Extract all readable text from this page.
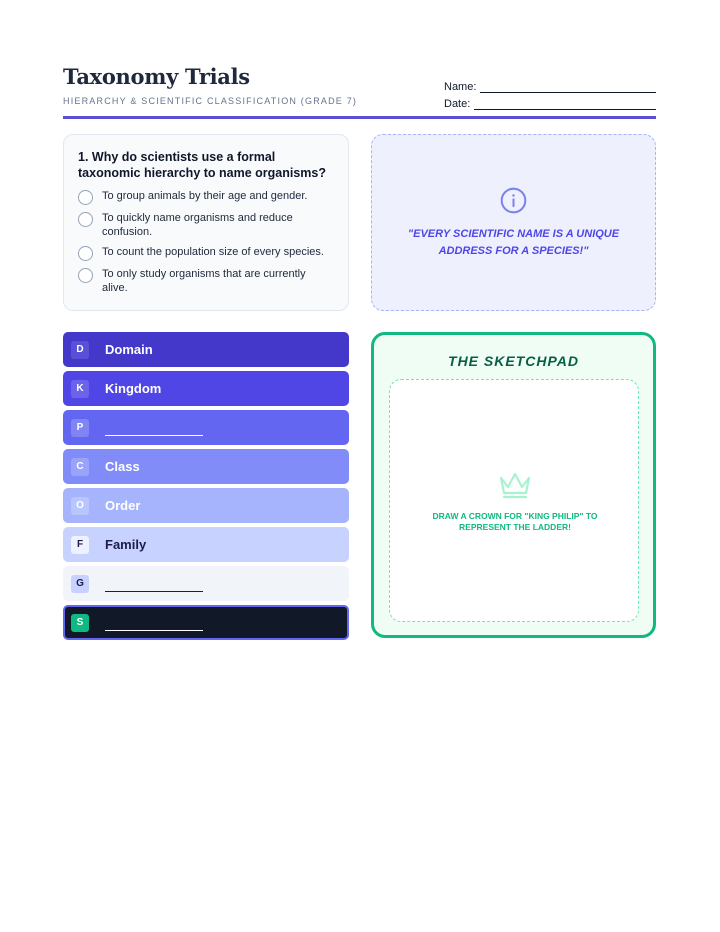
Taxonomy Trials
HIERARCHY & SCIENTIFIC CLASSIFICATION (GRADE 7)
Name:
Date:
1. Why do scientists use a formal taxonomic hierarchy to name organisms?
To group animals by their age and gender.
To quickly name organisms and reduce confusion.
To count the population size of every species.
To only study organisms that are currently alive.
"EVERY SCIENTIFIC NAME IS A UNIQUE ADDRESS FOR A SPECIES!"
D	Domain
K	Kingdom
P
C	Class
O	Order
F	Family
G
S
THE SKETCHPAD
DRAW A CROWN FOR "KING PHILIP" TO REPRESENT THE LADDER!
